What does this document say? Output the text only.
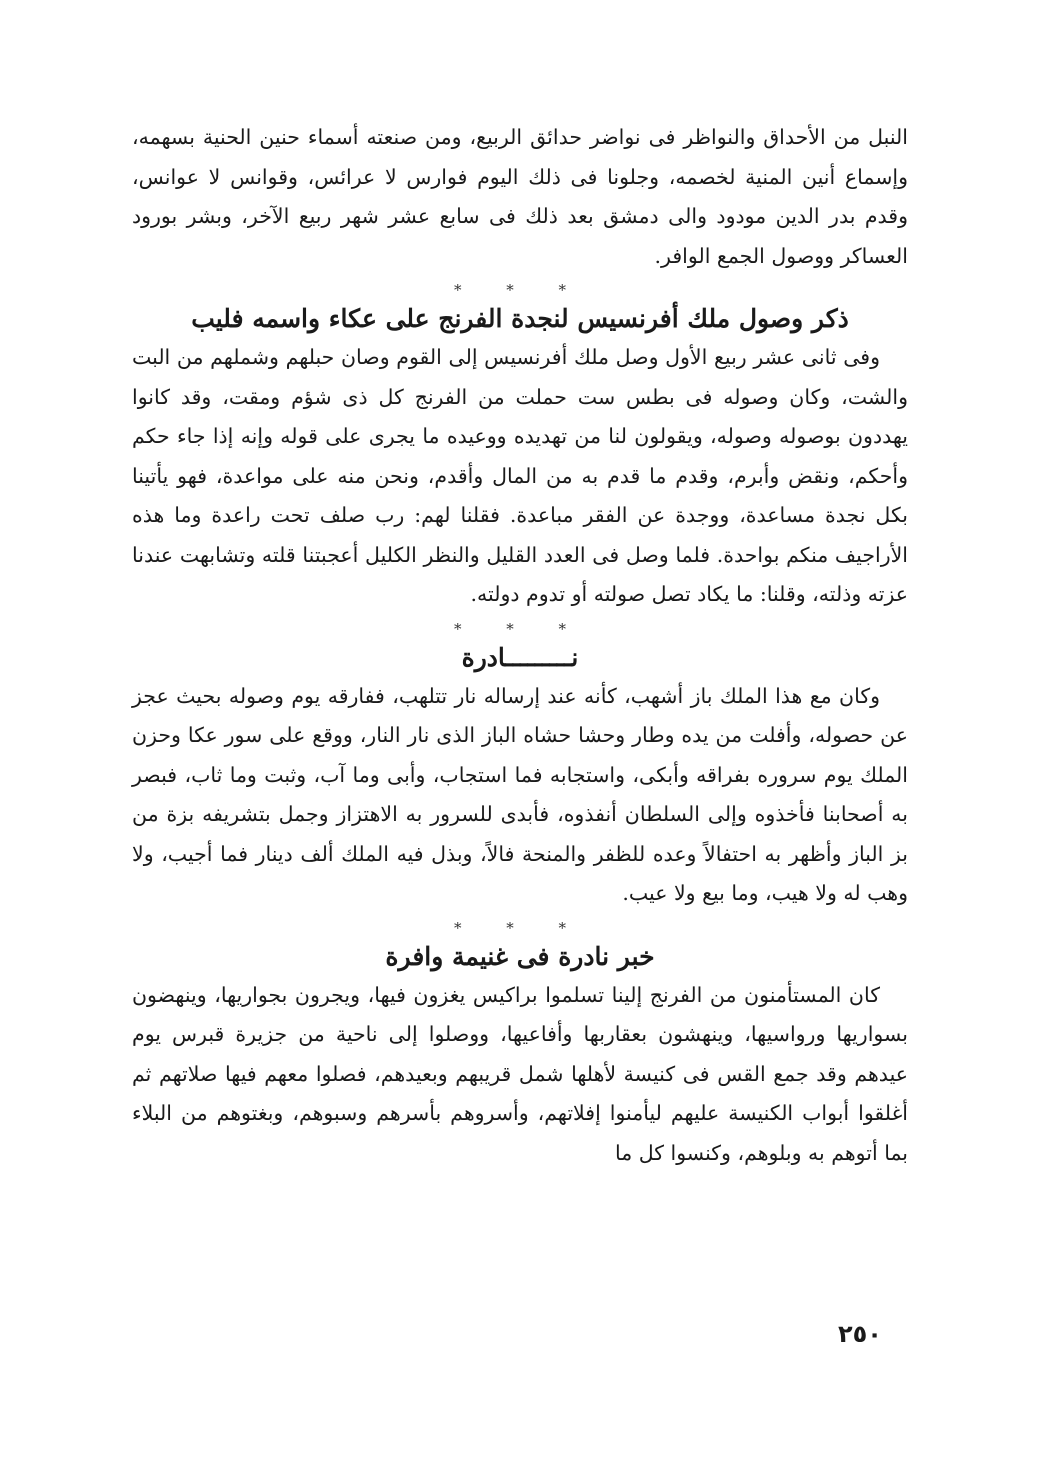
النبل من الأحداق والنواظر فى نواضر حدائق الربيع، ومن صنعته أسماء حنين الحنية بسهمه، وإسماع أنين المنية لخصمه، وجلونا فى ذلك اليوم فوارس لا عرائس، وقوانس لا عوانس، وقدم بدر الدين مودود والى دمشق بعد ذلك فى سابع عشر شهر ربيع الآخر، وبشر بورود العساكر ووصول الجمع الوافر.

* * *
ذكر وصول ملك أفرنسيس لنجدة الفرنج على عكاء واسمه فليب

وفى ثانى عشر ربيع الأول وصل ملك أفرنسيس إلى القوم وصان حبلهم وشملهم من البت والشت، وكان وصوله فى بطس ست حملت من الفرنج كل ذى شؤم ومقت، وقد كانوا يهددون بوصوله وصوله، ويقولون لنا من تهديده ووعيده ما يجرى على قوله وإنه إذا جاء حكم وأحكم، ونقض وأبرم، وقدم ما قدم به من المال وأقدم، ونحن منه على مواعدة، فهو يأتينا بكل نجدة مساعدة، ووجدة عن الفقر مباعدة. فقلنا لهم: رب صلف تحت راعدة وما هذه الأراجيف منكم بواحدة. فلما وصل فى العدد القليل والنظر الكليل أعجبتنا قلته وتشابهت عندنا عزته وذلته، وقلنا: ما يكاد تصل صولته أو تدوم دولته.

* * *
نـــــــــادرة

وكان مع هذا الملك باز أشهب، كأنه عند إرساله نار تتلهب، ففارقه يوم وصوله بحيث عجز عن حصوله، وأفلت من يده وطار وحشا حشاه الباز الذى نار النار، ووقع على سور عكا وحزن الملك يوم سروره بفراقه وأبكى، واستجابه فما استجاب، وأبى وما آب، وثبت وما ثاب، فبصر به أصحابنا فأخذوه وإلى السلطان أنفذوه، فأبدى للسرور به الاهتزاز وجمل بتشريفه بزة من بز الباز وأظهر به احتفالاً وعده للظفر والمنحة فالاً، وبذل فيه الملك ألف دينار فما أجيب، ولا وهب له ولا هيب، وما بيع ولا عيب.

* * *
خبر نادرة فى غنيمة وافرة

كان المستأمنون من الفرنج إلينا تسلموا براكيس يغزون فيها، ويجرون بجواريها، وينهضون بسواريها ورواسيها، وينهشون بعقاربها وأفاعيها، ووصلوا إلى ناحية من جزيرة قبرس يوم عيدهم وقد جمع القس فى كنيسة لأهلها شمل قريبهم وبعيدهم، فصلوا معهم فيها صلاتهم ثم أغلقوا أبواب الكنيسة عليهم ليأمنوا إفلاتهم، وأسروهم بأسرهم وسبوهم، وبغتوهم من البلاء بما أتوهم به وبلوهم، وكنسوا كل ما

٢٥٠
